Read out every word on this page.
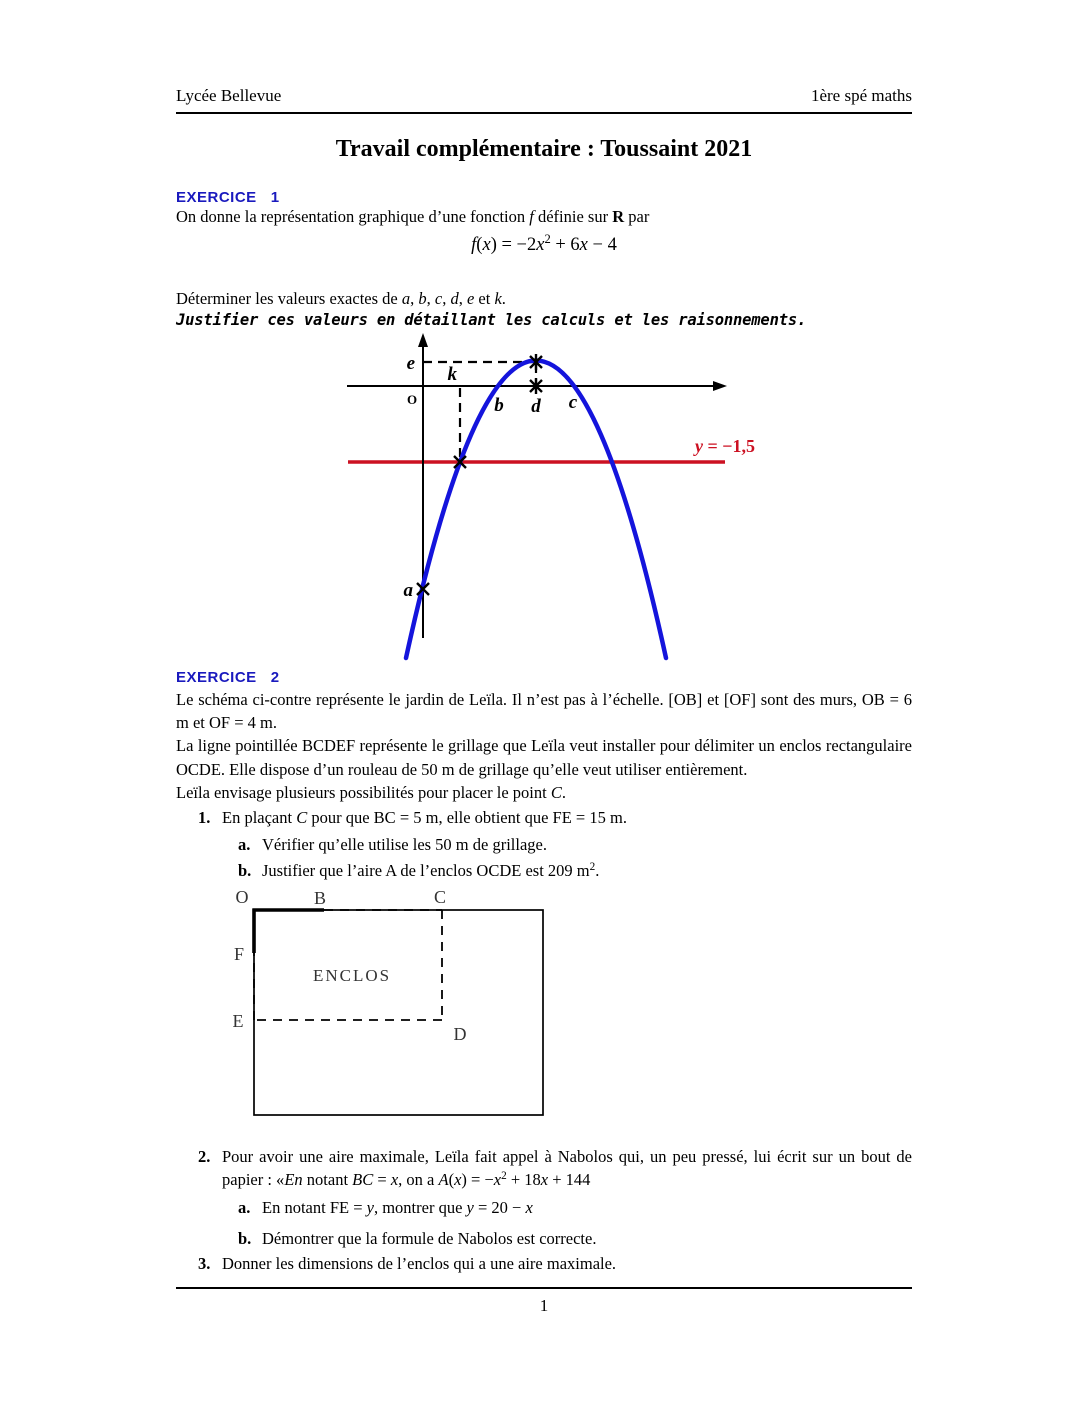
Lycée Bellevue	1ère spé maths
Travail complémentaire : Toussaint 2021
EXERCICE 1
On donne la représentation graphique d’une fonction f définie sur R par
$f(x) = -2x^2 + 6x - 4$
Déterminer les valeurs exactes de a, b, c, d, e et k.
Justifier ces valeurs en détaillant les calculs et les raisonnements.
e
k
O	b d c
a
y = −1,5
EXERCICE 2
Le schéma ci-contre représente le jardin de Leïla. Il n’est pas à l’échelle. [OB] et [OF] sont des murs, OB = 6 m et OF = 4 m.
La ligne pointillée BCDEF représente le grillage que Leïla veut installer pour délimiter un enclos rectangulaire OCDE. Elle dispose d’un rouleau de 50 m de grillage qu’elle veut utiliser entièrement.
Leïla envisage plusieurs possibilités pour placer le point C.
1. En plaçant C pour que BC = 5 m, elle obtient que FE = 15 m.
a. Vérifier qu’elle utilise les 50 m de grillage.
b. Justifier que l’aire A de l’enclos OCDE est 209 $m^2$.
O	B	C
F
E
D
ENCLOS
2. Pour avoir une aire maximale, Leïla fait appel à Nabolos qui, un peu pressé, lui écrit sur un bout de papier : «En notant BC = x, on a $A(x) = -x^2 + 18x + 144$
a. En notant FE = y, montrer que y = 20 − x
b. Démontrer que la formule de Nabolos est correcte.
3. Donner les dimensions de l’enclos qui a une aire maximale.
1
